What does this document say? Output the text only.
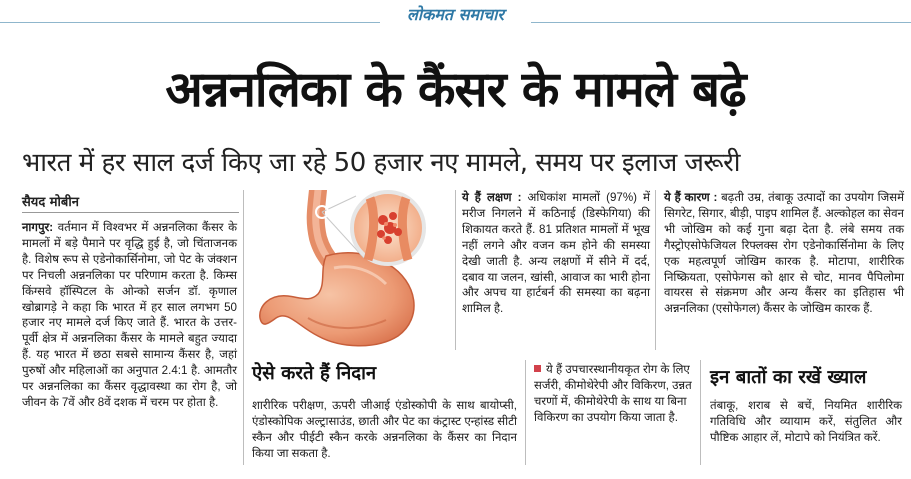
लोकमत समाचार
अन्ननलिका के कैंसर के मामले बढ़े
भारत में हर साल दर्ज किए जा रहे 50 हजार नए मामले, समय पर इलाज जरूरी
सैयद मोबीन
नागपुर: वर्तमान में विश्वभर में अन्ननलिका कैंसर के मामलों में बड़े पैमाने पर वृद्धि हुई है, जो चिंताजनक है. विशेष रूप से एडेनोकार्सिनोमा, जो पेट के जंक्शन पर निचली अन्ननलिका पर परिणाम करता है. किम्स किंग्सवे हॉस्पिटल के ओन्को सर्जन डॉ. कृणाल खोब्रागड़े ने कहा कि भारत में हर साल लगभग 50 हजार नए मामले दर्ज किए जाते हैं. भारत के उत्तर-पूर्वी क्षेत्र में अन्ननलिका कैंसर के मामले बहुत ज्यादा हैं. यह भारत में छठा सबसे सामान्य कैंसर है, जहां पुरुषों और महिलाओं का अनुपात 2.4:1 है. आमतौर पर अन्ननलिका का कैंसर वृद्धावस्था का रोग है, जो जीवन के 7वें और 8वें दशक में चरम पर होता है.
ये हैं लक्षण : अधिकांश मामलों (97%) में मरीज निगलने में कठिनाई (डिस्फेगिया) की शिकायत करते हैं. 81 प्रतिशत मामलों में भूख नहीं लगने और वजन कम होने की समस्या देखी जाती है. अन्य लक्षणों में सीने में दर्द, दबाव या जलन, खांसी, आवाज का भारी होना और अपच या हार्टबर्न की समस्या का बढ़ना शामिल है.
ये हैं कारण : बढ़ती उम्र, तंबाकू उत्पादों का उपयोग जिसमें सिगरेट, सिगार, बीड़ी, पाइप शामिल हैं. अल्कोहल का सेवन भी जोखिम को कई गुना बढ़ा देता है. लंबे समय तक गैस्ट्रोएसोफेजियल रिफ्लक्स रोग एडेनोकार्सिनोमा के लिए एक महत्वपूर्ण जोखिम कारक है. मोटापा, शारीरिक निष्क्रियता, एसोफेगस को क्षार से चोट, मानव पैपिलोमा वायरस से संक्रमण और अन्य कैंसर का इतिहास भी अन्ननलिका (एसोफेगल) कैंसर के जोखिम कारक हैं.
ऐसे करते हैं निदान
शारीरिक परीक्षण, ऊपरी जीआई एंडोस्कोपी के साथ बायोप्सी, एंडोस्कोपिक अल्ट्रासाउंड, छाती और पेट का कंट्रास्ट एन्हांस्ड सीटी स्कैन और पीईटी स्कैन करके अन्ननलिका के कैंसर का निदान किया जा सकता है.
ये हैं उपचारस्थानीयकृत रोग के लिए सर्जरी, कीमोथेरेपी और विकिरण, उन्नत चरणों में, कीमोथेरेपी के साथ या बिना विकिरण का उपयोग किया जाता है.
इन बातों का रखें ख्याल
तंबाकू, शराब से बचें, नियमित शारीरिक गतिविधि और व्यायाम करें, संतुलित और पौष्टिक आहार लें, मोटापे को नियंत्रित करें.
